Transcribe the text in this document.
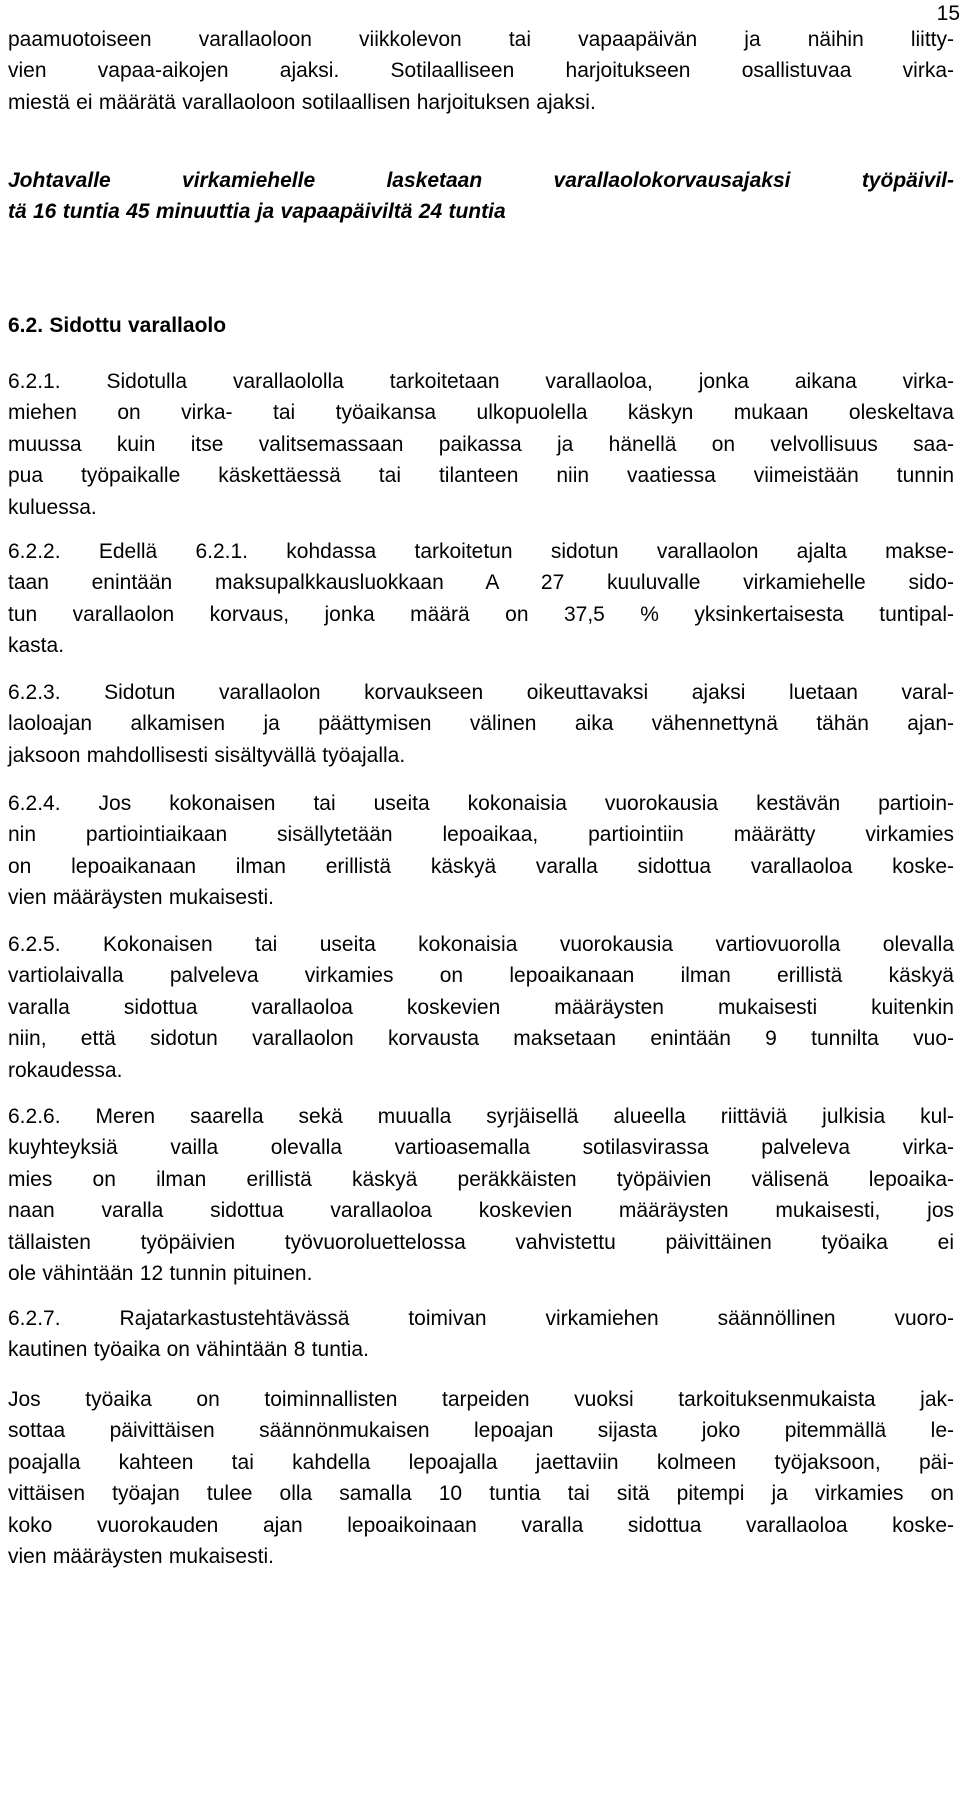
15
paamuotoiseen varallaoloon viikkolevon tai vapaapäivän ja näihin liitty-
vien vapaa-aikojen ajaksi. Sotilaalliseen harjoitukseen osallistuvaa virka-
miestä ei määrätä varallaoloon sotilaallisen harjoituksen ajaksi.
Johtavalle virkamiehelle lasketaan varallaolokorvausajaksi työpäivil-
tä 16 tuntia 45 minuuttia ja vapaapäiviltä 24 tuntia
6.2. Sidottu varallaolo
6.2.1. Sidotulla varallaololla tarkoitetaan varallaoloa, jonka aikana virka-
miehen on virka- tai työaikansa ulkopuolella käskyn mukaan oleskeltava
muussa kuin itse valitsemassaan paikassa ja hänellä on velvollisuus saa-
pua työpaikalle käskettäessä tai tilanteen niin vaatiessa viimeistään tunnin
kuluessa.
6.2.2. Edellä 6.2.1. kohdassa tarkoitetun sidotun varallaolon ajalta makse-
taan enintään maksupalkkausluokkaan A 27 kuuluvalle virkamiehelle sido-
tun varallaolon korvaus, jonka määrä on 37,5 % yksinkertaisesta tuntipal-
kasta.
6.2.3. Sidotun varallaolon korvaukseen oikeuttavaksi ajaksi luetaan varal-
laoloajan alkamisen ja päättymisen välinen aika vähennettynä tähän ajan-
jaksoon mahdollisesti sisältyvällä työajalla.
6.2.4. Jos kokonaisen tai useita kokonaisia vuorokausia kestävän partioin-
nin partiointiaikaan sisällytetään lepoaikaa, partiointiin määrätty virkamies
on lepoaikanaan ilman erillistä käskyä varalla sidottua varallaoloa koske-
vien määräysten mukaisesti.
6.2.5. Kokonaisen tai useita kokonaisia vuorokausia vartiovuorolla olevalla
vartiolaivalla palveleva virkamies on lepoaikanaan ilman erillistä käskyä
varalla sidottua varallaoloa koskevien määräysten mukaisesti kuitenkin
niin, että sidotun varallaolon korvausta maksetaan enintään 9 tunnilta vuo-
rokaudessa.
6.2.6. Meren saarella sekä muualla syrjäisellä alueella riittäviä julkisia kul-
kuyhteyksiä vailla olevalla vartioasemalla sotilasvirassa palveleva virka-
mies on ilman erillistä käskyä peräkkäisten työpäivien välisenä lepoaika-
naan varalla sidottua varallaoloa koskevien määräysten mukaisesti, jos
tällaisten työpäivien työvuoroluettelossa vahvistettu päivittäinen työaika ei
ole vähintään 12 tunnin pituinen.
6.2.7. Rajatarkastustehtävässä toimivan virkamiehen säännöllinen vuoro-
kautinen työaika on vähintään 8 tuntia.
Jos työaika on toiminnallisten tarpeiden vuoksi tarkoituksenmukaista jak-
sottaa päivittäisen säännönmukaisen lepoajan sijasta joko pitemmällä le-
poajalla kahteen tai kahdella lepoajalla jaettaviin kolmeen työjaksoon, päi-
vittäisen työajan tulee olla samalla 10 tuntia tai sitä pitempi ja virkamies on
koko vuorokauden ajan lepoaikoinaan varalla sidottua varallaoloa koske-
vien määräysten mukaisesti.
